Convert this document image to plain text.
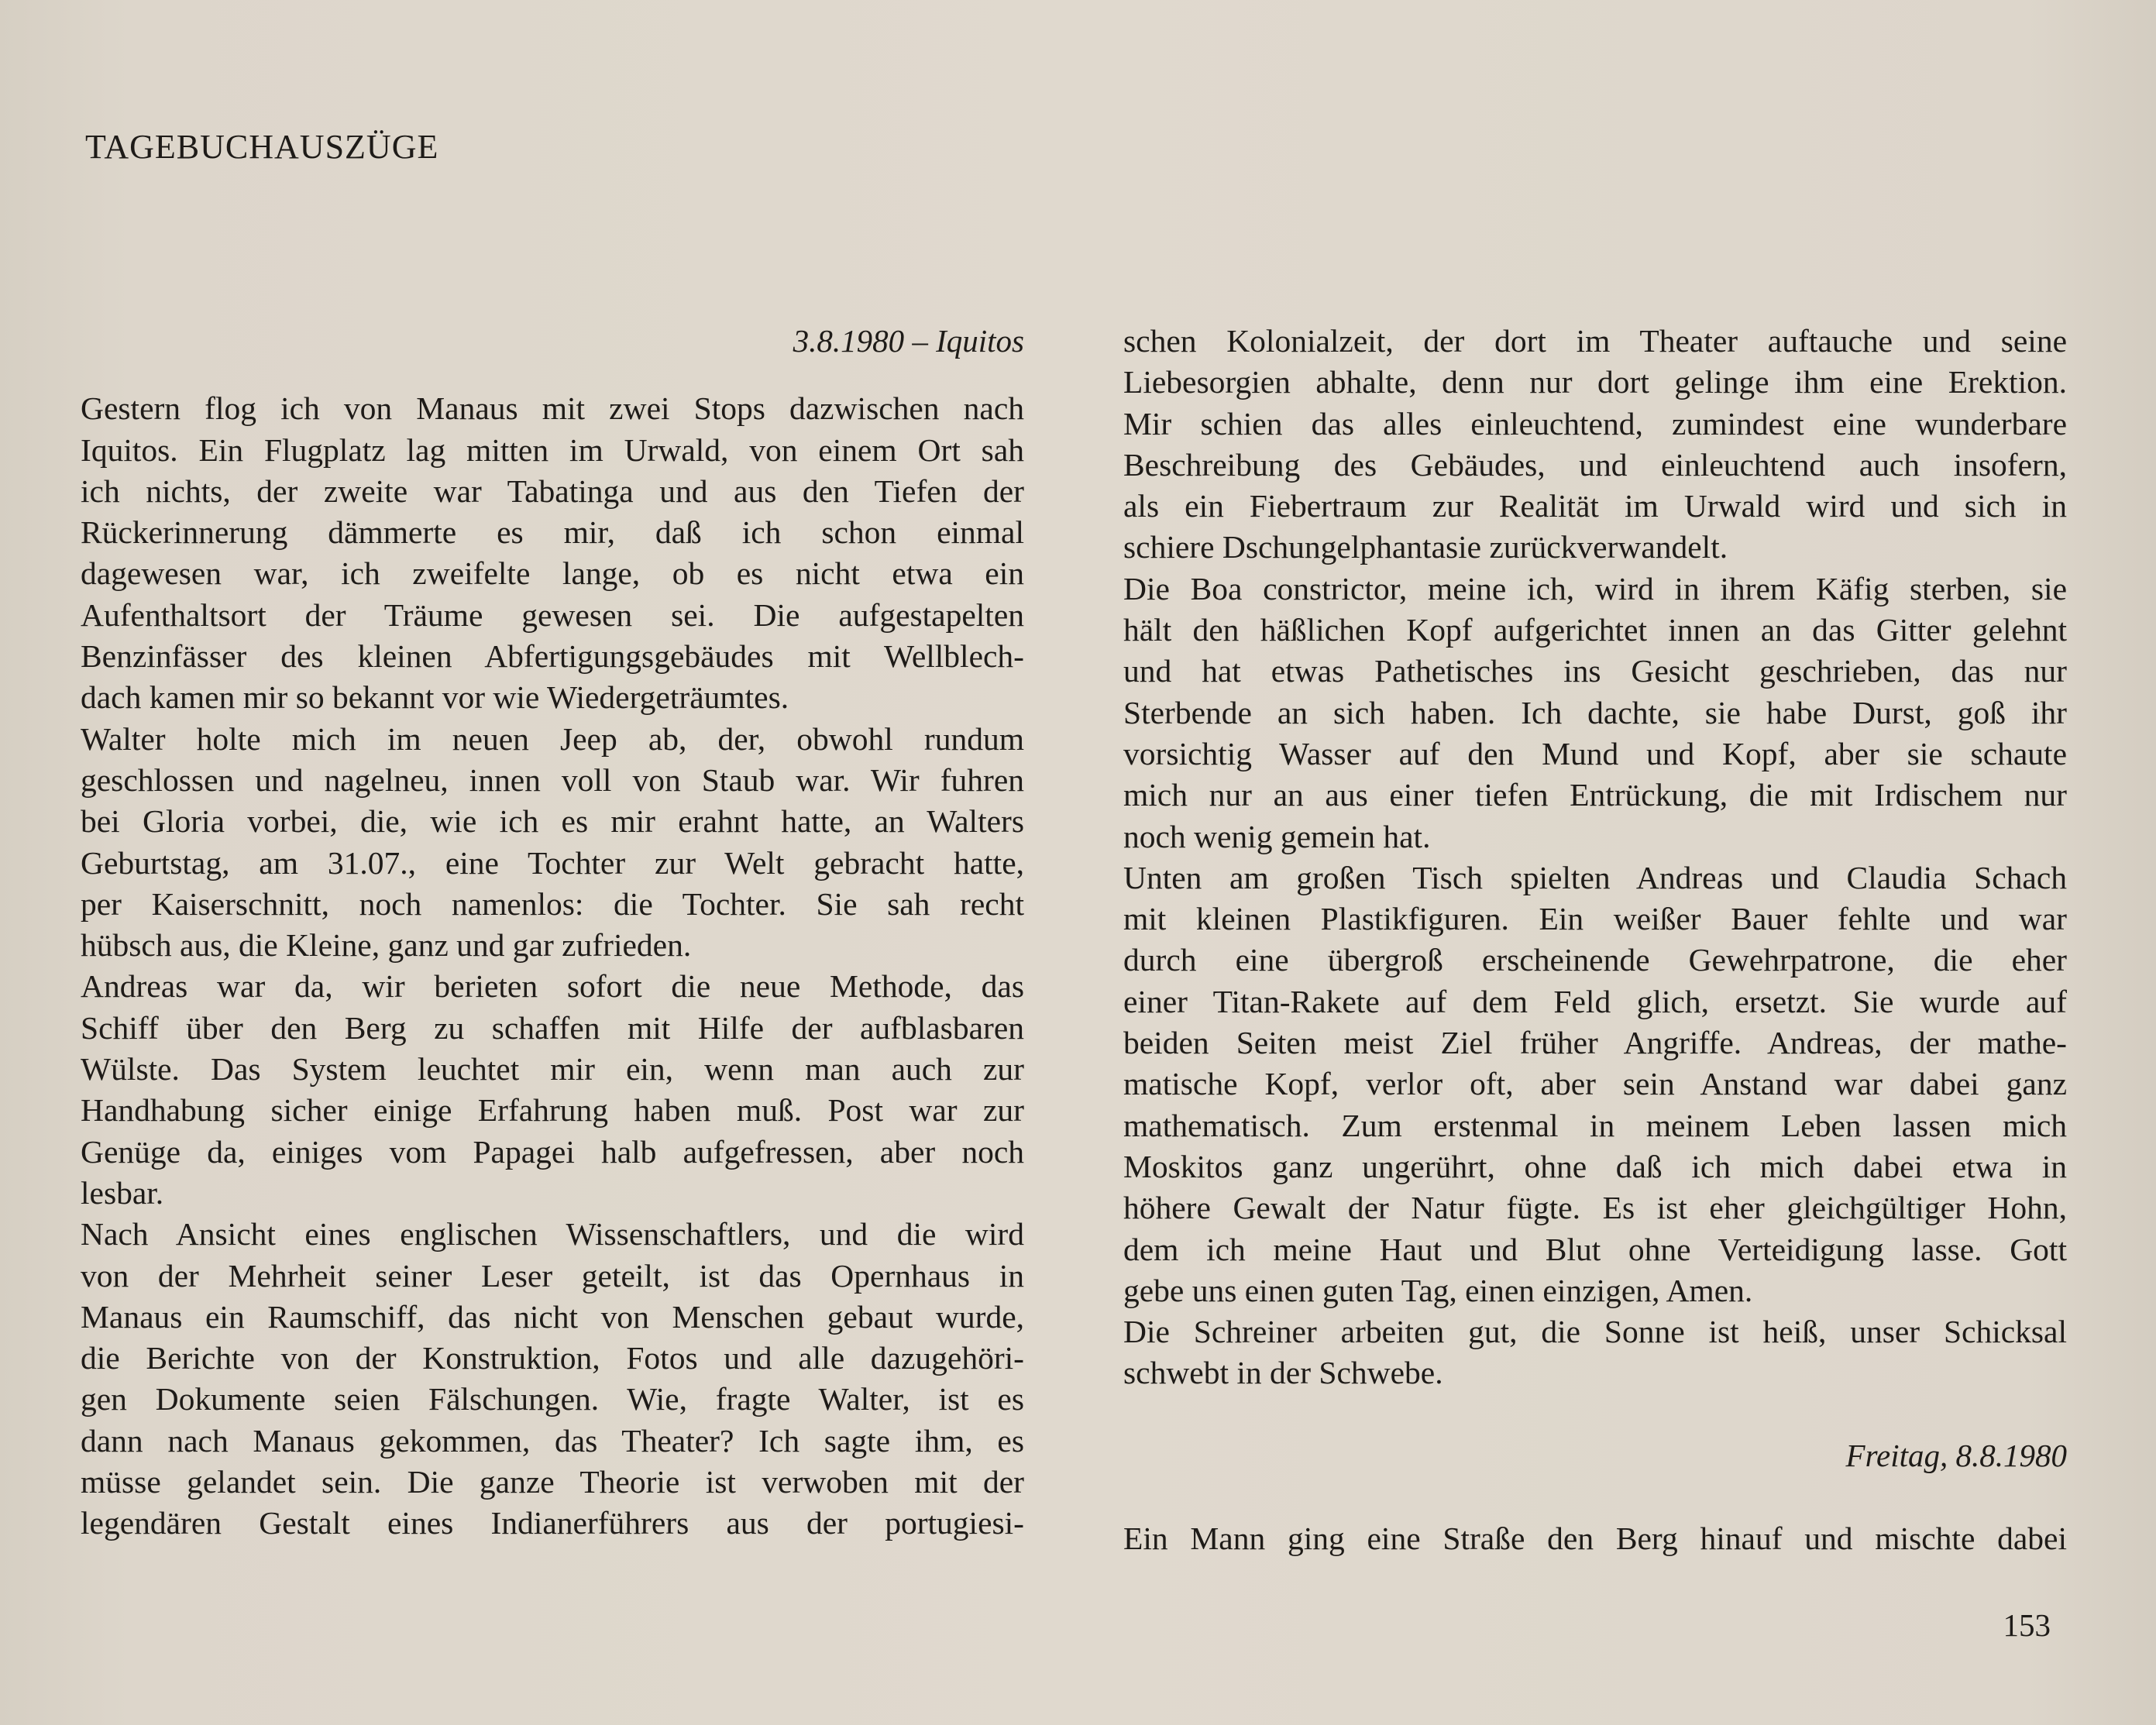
TAGEBUCHAUSZÜGE
3.8.1980 – Iquitos
Gestern flog ich von Manaus mit zwei Stops dazwischen nach
Iquitos. Ein Flugplatz lag mitten im Urwald, von einem Ort sah
ich nichts, der zweite war Tabatinga und aus den Tiefen der
Rückerinnerung dämmerte es mir, daß ich schon einmal
dagewesen war, ich zweifelte lange, ob es nicht etwa ein
Aufenthaltsort der Träume gewesen sei. Die aufgestapelten
Benzinfässer des kleinen Abfertigungsgebäudes mit Wellblech-
dach kamen mir so bekannt vor wie Wiedergeträumtes.
Walter holte mich im neuen Jeep ab, der, obwohl rundum
geschlossen und nagelneu, innen voll von Staub war. Wir fuhren
bei Gloria vorbei, die, wie ich es mir erahnt hatte, an Walters
Geburtstag, am 31.07., eine Tochter zur Welt gebracht hatte,
per Kaiserschnitt, noch namenlos: die Tochter. Sie sah recht
hübsch aus, die Kleine, ganz und gar zufrieden.
Andreas war da, wir berieten sofort die neue Methode, das
Schiff über den Berg zu schaffen mit Hilfe der aufblasbaren
Wülste. Das System leuchtet mir ein, wenn man auch zur
Handhabung sicher einige Erfahrung haben muß. Post war zur
Genüge da, einiges vom Papagei halb aufgefressen, aber noch
lesbar.
Nach Ansicht eines englischen Wissenschaftlers, und die wird
von der Mehrheit seiner Leser geteilt, ist das Opernhaus in
Manaus ein Raumschiff, das nicht von Menschen gebaut wurde,
die Berichte von der Konstruktion, Fotos und alle dazugehöri-
gen Dokumente seien Fälschungen. Wie, fragte Walter, ist es
dann nach Manaus gekommen, das Theater? Ich sagte ihm, es
müsse gelandet sein. Die ganze Theorie ist verwoben mit der
legendären Gestalt eines Indianerführers aus der portugiesi-
schen Kolonialzeit, der dort im Theater auftauche und seine
Liebesorgien abhalte, denn nur dort gelinge ihm eine Erektion.
Mir schien das alles einleuchtend, zumindest eine wunderbare
Beschreibung des Gebäudes, und einleuchtend auch insofern,
als ein Fiebertraum zur Realität im Urwald wird und sich in
schiere Dschungelphantasie zurückverwandelt.
Die Boa constrictor, meine ich, wird in ihrem Käfig sterben, sie
hält den häßlichen Kopf aufgerichtet innen an das Gitter gelehnt
und hat etwas Pathetisches ins Gesicht geschrieben, das nur
Sterbende an sich haben. Ich dachte, sie habe Durst, goß ihr
vorsichtig Wasser auf den Mund und Kopf, aber sie schaute
mich nur an aus einer tiefen Entrückung, die mit Irdischem nur
noch wenig gemein hat.
Unten am großen Tisch spielten Andreas und Claudia Schach
mit kleinen Plastikfiguren. Ein weißer Bauer fehlte und war
durch eine übergroß erscheinende Gewehrpatrone, die eher
einer Titan-Rakete auf dem Feld glich, ersetzt. Sie wurde auf
beiden Seiten meist Ziel früher Angriffe. Andreas, der mathe-
matische Kopf, verlor oft, aber sein Anstand war dabei ganz
mathematisch. Zum erstenmal in meinem Leben lassen mich
Moskitos ganz ungerührt, ohne daß ich mich dabei etwa in
höhere Gewalt der Natur fügte. Es ist eher gleichgültiger Hohn,
dem ich meine Haut und Blut ohne Verteidigung lasse. Gott
gebe uns einen guten Tag, einen einzigen, Amen.
Die Schreiner arbeiten gut, die Sonne ist heiß, unser Schicksal
schwebt in der Schwebe.
Freitag, 8.8.1980
Ein Mann ging eine Straße den Berg hinauf und mischte dabei
153
